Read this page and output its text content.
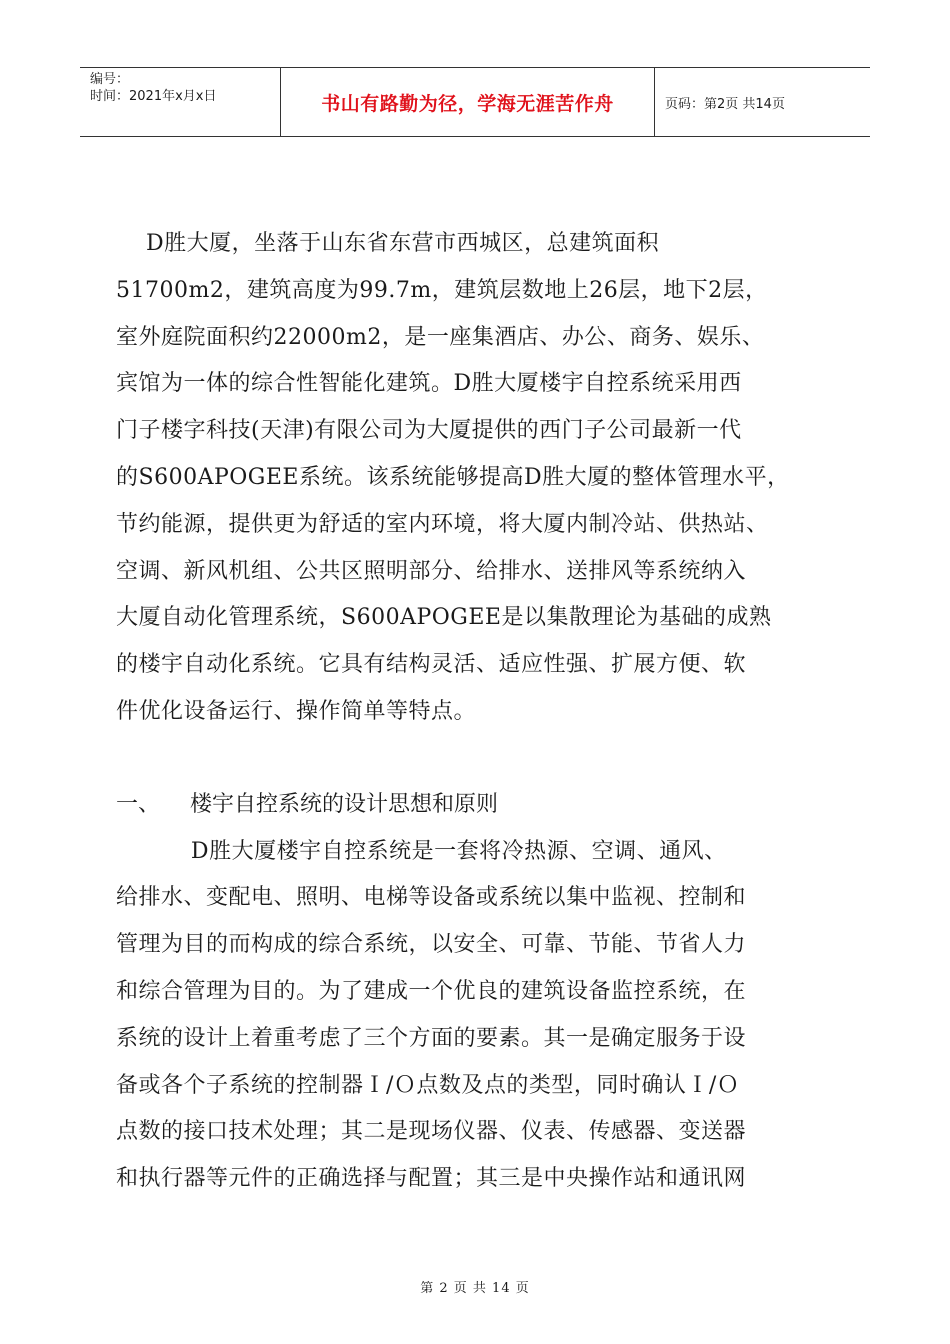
编号：
时间：2021年x月x日	书山有路勤为径，学海无涯苦作舟	页码：第2页 共14页
D胜大厦，坐落于山东省东营市西城区，总建筑面积
51700m2，建筑高度为99.7m，建筑层数地上26层，地下2层，
室外庭院面积约22000m2，是一座集酒店、办公、商务、娱乐、
宾馆为一体的综合性智能化建筑。D胜大厦楼宇自控系统采用西
门子楼字科技(天津)有限公司为大厦提供的西门子公司最新一代
的S600APOGEE系统。该系统能够提高D胜大厦的整体管理水平，
节约能源，提供更为舒适的室内环境，将大厦内制冷站、供热站、
空调、新风机组、公共区照明部分、给排水、送排风等系统纳入
大厦自动化管理系统，S600APOGEE是以集散理论为基础的成熟
的楼宇自动化系统。它具有结构灵活、适应性强、扩展方便、软
件优化设备运行、操作简单等特点。
一、	楼宇自控系统的设计思想和原则
D胜大厦楼宇自控系统是一套将冷热源、空调、通风、
给排水、变配电、照明、电梯等设备或系统以集中监视、控制和
管理为目的而构成的综合系统，以安全、可靠、节能、节省人力
和综合管理为目的。为了建成一个优良的建筑设备监控系统，在
系统的设计上着重考虑了三个方面的要素。其一是确定服务于设
备或各个子系统的控制器Ｉ/Ｏ点数及点的类型，同时确认Ｉ/Ｏ
点数的接口技术处理；其二是现场仪器、仪表、传感器、变送器
和执行器等元件的正确选择与配置；其三是中央操作站和通讯网
第 2 页 共 14 页
